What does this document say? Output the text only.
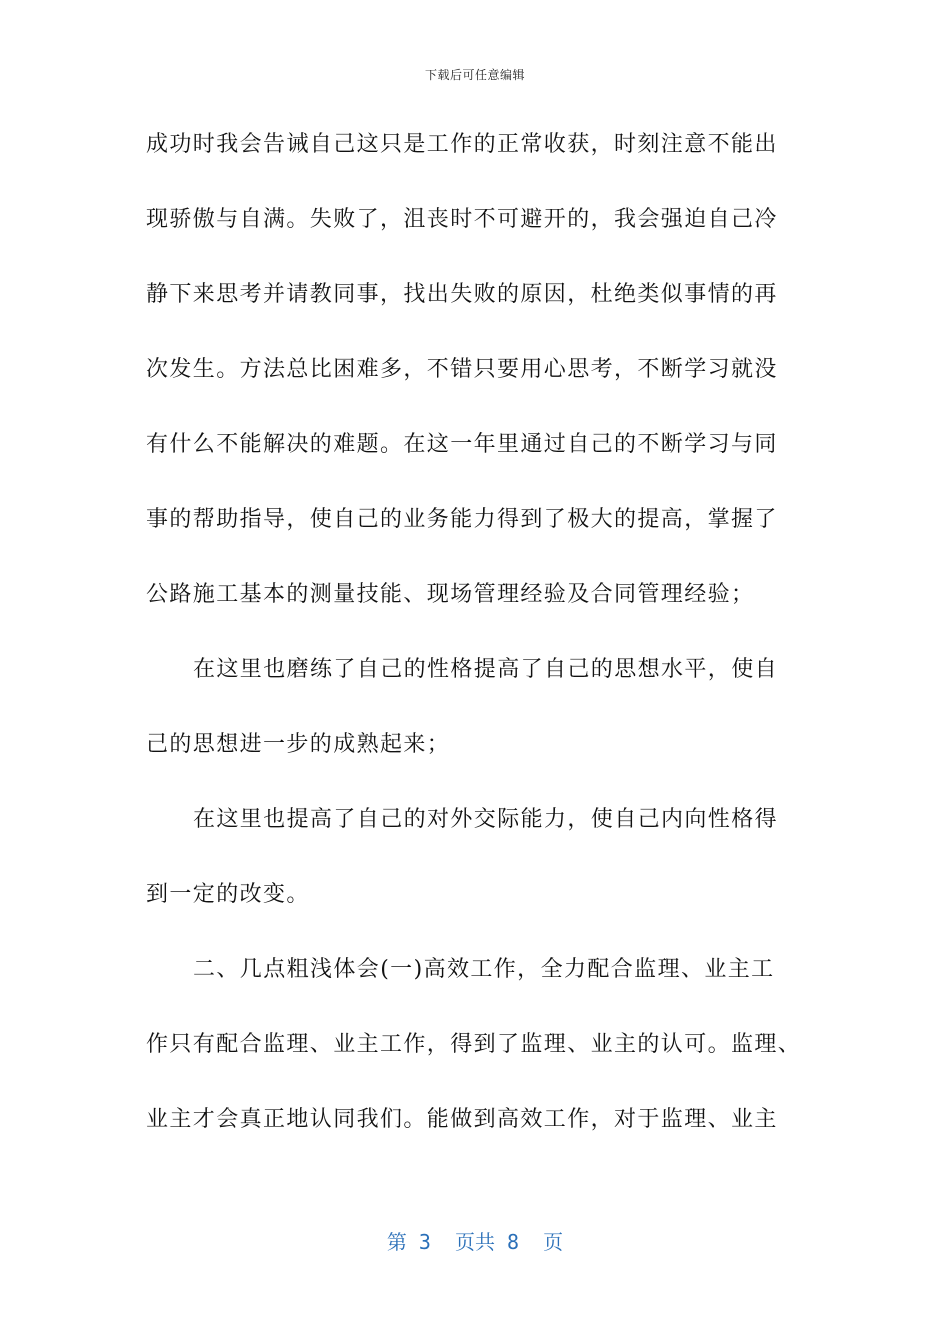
下载后可任意编辑
成功时我会告诫自己这只是工作的正常收获，时刻注意不能出
现骄傲与自满。失败了，沮丧时不可避开的，我会强迫自己冷
静下来思考并请教同事，找出失败的原因，杜绝类似事情的再
次发生。方法总比困难多，不错只要用心思考，不断学习就没
有什么不能解决的难题。在这一年里通过自己的不断学习与同
事的帮助指导，使自己的业务能力得到了极大的提高，掌握了
公路施工基本的测量技能、现场管理经验及合同管理经验；
在这里也磨练了自己的性格提高了自己的思想水平，使自
己的思想进一步的成熟起来；
在这里也提高了自己的对外交际能力，使自己内向性格得
到一定的改变。
二、几点粗浅体会(一)高效工作，全力配合监理、业主工
作只有配合监理、业主工作，得到了监理、业主的认可。监理、
业主才会真正地认同我们。能做到高效工作，对于监理、业主
第 3  页共 8  页
